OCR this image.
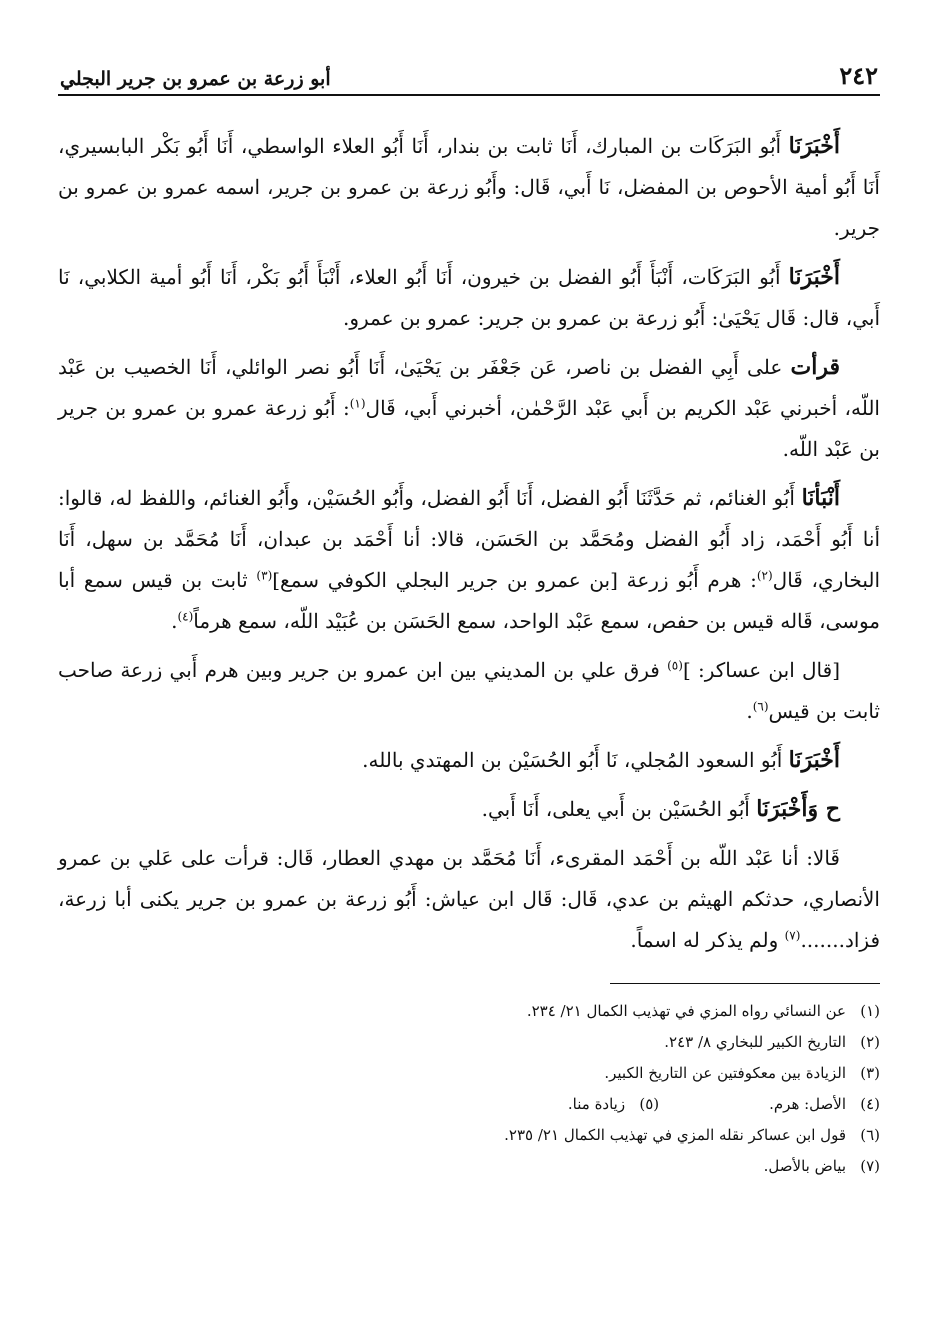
٢٤٢
أبو زرعة بن عمرو بن جرير البجلي

أَخْبَرَنَا أَبُو البَرَكَات بن المبارك، أَنَا ثابت بن بندار، أَنَا أَبُو العلاء الواسطي، أَنَا أَبُو بَكْر البابسيري، أَنَا أَبُو أمية الأحوص بن المفضل، نَا أَبي، قَال: وأَبُو زرعة بن عمرو بن جرير، اسمه عمرو بن عمرو بن جرير.

أَخْبَرَنَا أَبُو البَرَكَات، أَنْبَأَ أَبُو الفضل بن خيرون، أَنَا أَبُو العلاء، أَنْبَأَ أَبُو بَكْر، أَنَا أَبُو أمية الكلابي، نَا أَبي، قال: قَال يَحْيَىٰ: أَبُو زرعة بن عمرو بن جرير: عمرو بن عمرو.

قرأت على أَبِي الفضل بن ناصر، عَن جَعْفَر بن يَحْيَىٰ، أَنَا أَبُو نصر الوائلي، أَنَا الخصيب بن عَبْد اللّه، أخبرني عَبْد الكريم بن أَبي عَبْد الرَّحْمٰن، أخبرني أَبي، قَال$^{(١)}$: أَبُو زرعة عمرو بن عمرو بن جرير بن عَبْد اللّه.

أَنْبَأنَا أَبُو الغنائم، ثم حَدَّثَنَا أَبُو الفضل، أَنَا أَبُو الفضل، وأَبُو الحُسَيْن، وأَبُو الغنائم، واللفظ له، قالوا: أنا أَبُو أَحْمَد، زاد أَبُو الفضل ومُحَمَّد بن الحَسَن، قالا: أنا أَحْمَد بن عبدان، أَنَا مُحَمَّد بن سهل، أَنَا البخاري، قَال$^{(٢)}$: هرم أَبُو زرعة [بن عمرو بن جرير البجلي الكوفي سمع]$^{(٣)}$ ثابت بن قيس سمع أبا موسى، قَاله قيس بن حفص، سمع عَبْد الواحد، سمع الحَسَن بن عُبَيْد اللّه، سمع هرماً$^{(٤)}$.

[قال ابن عساكر: ]$^{(٥)}$ فرق علي بن المديني بين ابن عمرو بن جرير وبين هرم أَبي زرعة صاحب ثابت بن قيس$^{(٦)}$.

أَخْبَرَنَا أَبُو السعود المُجلي، نَا أَبُو الحُسَيْن بن المهتدي بالله.

ح وَأَخْبَرَنَا أَبُو الحُسَيْن بن أَبي يعلى، أَنَا أَبي.

قَالا: أنا عَبْد اللّه بن أَحْمَد المقرىء، أَنَا مُحَمَّد بن مهدي العطار، قَال: قرأت على عَلي بن عمرو الأنصاري، حدثكم الهيثم بن عدي، قَال: قَال ابن عياش: أَبُو زرعة بن عمرو بن جرير يكنى أبا زرعة، فزاد.......$^{(٧)}$ ولم يذكر له اسماً.

(١)
عن النسائي رواه المزي في تهذيب الكمال ٢١/ ٢٣٤.
(٢)
التاريخ الكبير للبخاري ٨/ ٢٤٣.
(٣)
الزيادة بين معكوفتين عن التاريخ الكبير.
(٤)
الأصل: هرم.
(٥)
زيادة منا.
(٦)
قول ابن عساكر نقله المزي في تهذيب الكمال ٢١/ ٢٣٥.
(٧)
بياض بالأصل.
